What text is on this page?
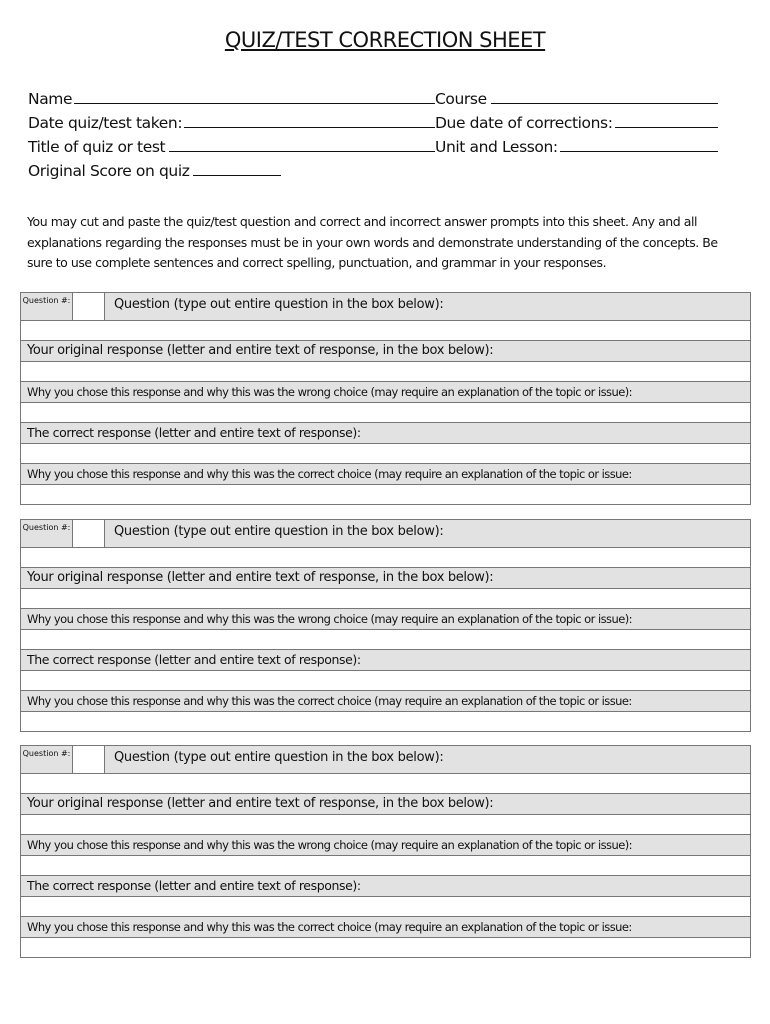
QUIZ/TEST CORRECTION SHEET
Name	Course
Date quiz/test taken:	Due date of corrections:
Title of quiz or test	Unit and Lesson:
Original Score on quiz
You may cut and paste the quiz/test question and correct and incorrect answer prompts into this sheet. Any and all explanations regarding the responses must be in your own words and demonstrate understanding of the concepts. Be sure to use complete sentences and correct spelling, punctuation, and grammar in your responses.
Question #:	Question (type out entire question in the box below):
Your original response (letter and entire text of response, in the box below):
Why you chose this response and why this was the wrong choice (may require an explanation of the topic or issue):
The correct response (letter and entire text of response):
Why you chose this response and why this was the correct choice (may require an explanation of the topic or issue:
Question #:	Question (type out entire question in the box below):
Your original response (letter and entire text of response, in the box below):
Why you chose this response and why this was the wrong choice (may require an explanation of the topic or issue):
The correct response (letter and entire text of response):
Why you chose this response and why this was the correct choice (may require an explanation of the topic or issue:
Question #:	Question (type out entire question in the box below):
Your original response (letter and entire text of response, in the box below):
Why you chose this response and why this was the wrong choice (may require an explanation of the topic or issue):
The correct response (letter and entire text of response):
Why you chose this response and why this was the correct choice (may require an explanation of the topic or issue:
